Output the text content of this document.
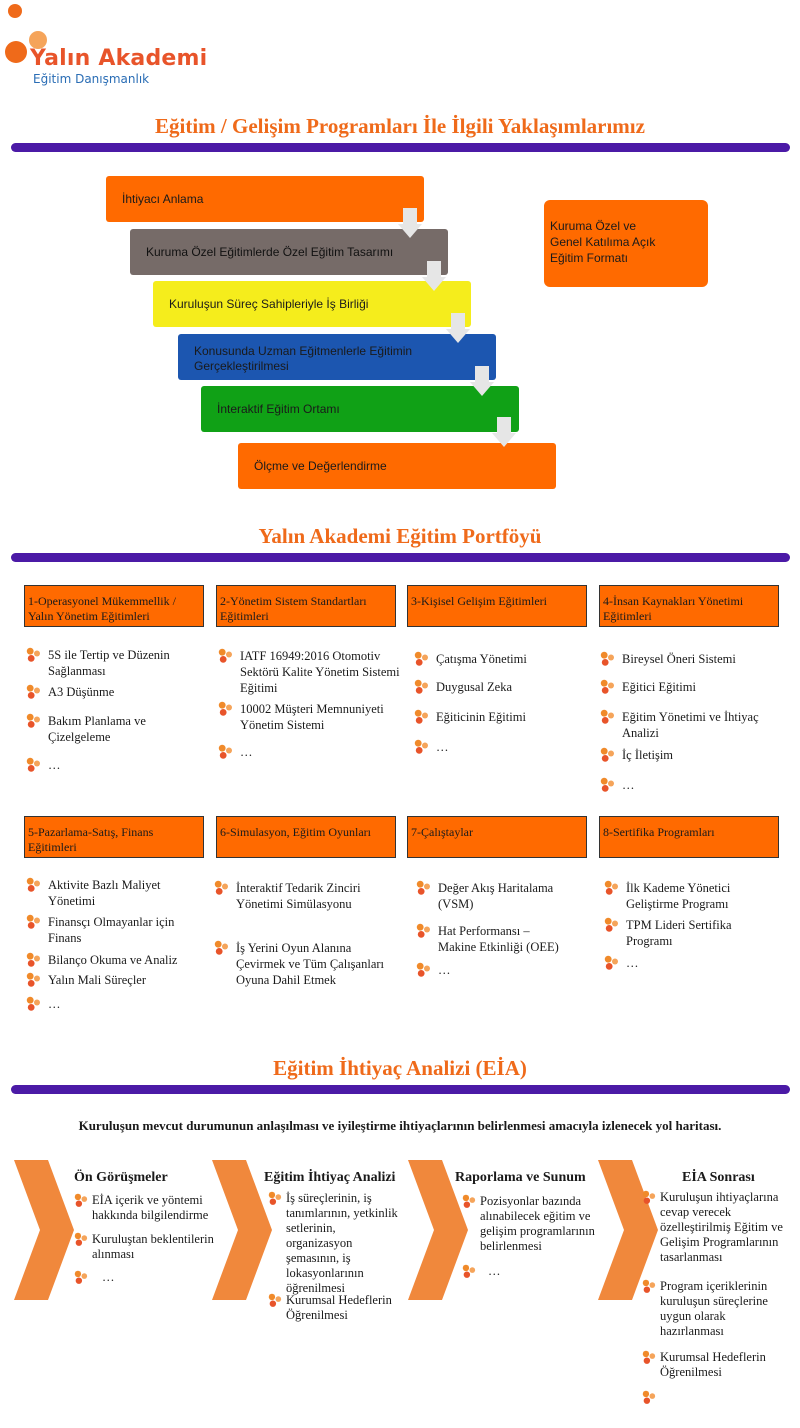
Yalın Akademi
Eğitim Danışmanlık
Eğitim / Gelişim Programları İle İlgili Yaklaşımlarımız
İhtiyacı Anlama
Kuruma Özel Eğitimlerde Özel Eğitim Tasarımı
Kuruluşun Süreç Sahipleriyle İş Birliği
Konusunda Uzman Eğitmenlerle Eğitimin Gerçekleştirilmesi
İnteraktif Eğitim Ortamı
Ölçme ve Değerlendirme
Kuruma Özel ve
Genel Katılıma Açık
Eğitim Formatı
Yalın Akademi Eğitim Portföyü
1-Operasyonel Mükemmellik / Yalın Yönetim Eğitimleri
2-Yönetim Sistem Standartları Eğitimleri
3-Kişisel Gelişim Eğitimleri	4-İnsan Kaynakları Yönetimi Eğitimleri
5S ile Tertip ve Düzenin Sağlanması
A3 Düşünme
Bakım Planlama ve Çizelgeleme
…
IATF 16949:2016 Otomotiv Sektörü Kalite Yönetim Sistemi Eğitimi
10002 Müşteri Memnuniyeti Yönetim Sistemi
…
Çatışma Yönetimi
Duygusal Zeka
Eğiticinin Eğitimi
…
Bireysel Öneri Sistemi
Eğitici Eğitimi
Eğitim Yönetimi ve İhtiyaç Analizi
İç İletişim
…
5-Pazarlama-Satış, Finans Eğitimleri
6-Simulasyon, Eğitim Oyunları	7-Çalıştaylar	8-Sertifika Programları
Aktivite Bazlı Maliyet Yönetimi
Finansçı Olmayanlar için Finans
Bilanço Okuma ve Analiz
Yalın Mali Süreçler
…
İnteraktif Tedarik Zinciri Yönetimi Simülasyonu
İş Yerini Oyun Alanına Çevirmek ve Tüm Çalışanları Oyuna Dahil Etmek
Değer Akış Haritalama (VSM)
Hat Performansı – Makine Etkinliği (OEE)
…
İlk Kademe Yönetici Geliştirme Programı
TPM Lideri Sertifika Programı
…
Eğitim İhtiyaç Analizi (EİA)
Kuruluşun mevcut durumunun anlaşılması ve iyileştirme ihtiyaçlarının belirlenmesi amacıyla izlenecek yol haritası.
Ön Görüşmeler
EİA içerik ve yöntemi hakkında bilgilendirme
Kuruluştan beklentilerin alınması
…
Eğitim İhtiyaç Analizi
İş süreçlerinin, iş tanımlarının, yetkinlik setlerinin, organizasyon şemasının, iş lokasyonlarının öğrenilmesi
Kurumsal Hedeflerin Öğrenilmesi
Raporlama ve Sunum
Pozisyonlar bazında alınabilecek eğitim ve gelişim programlarının belirlenmesi
…
EİA Sonrası
Kuruluşun ihtiyaçlarına cevap verecek özelleştirilmiş Eğitim ve Gelişim Programlarının tasarlanması
Program içeriklerinin kuruluşun süreçlerine uygun olarak hazırlanması
Kurumsal Hedeflerin Öğrenilmesi
